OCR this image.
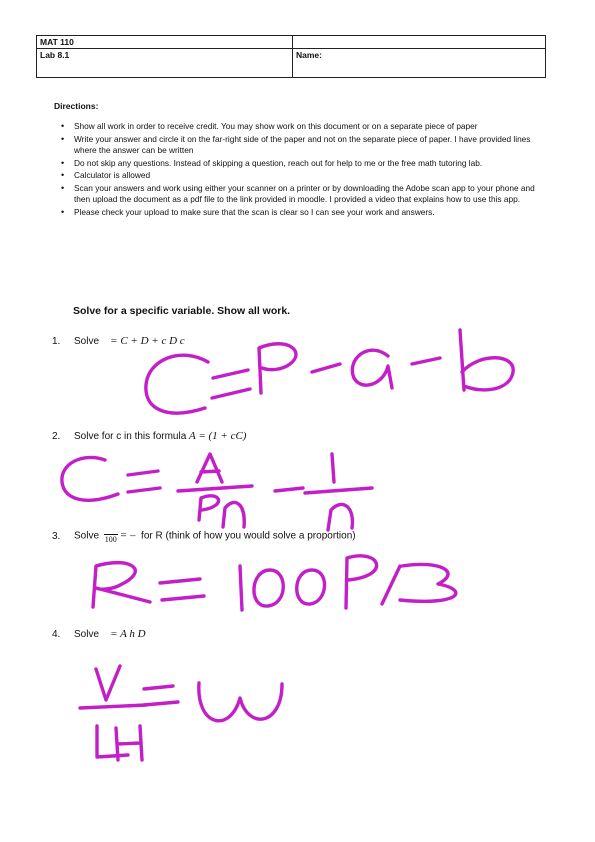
MAT 110	
Lab 8.1	Name:
Directions:
• Show all work in order to receive credit. You may show work on this document or on a separate piece of paper
• Write your answer and circle it on the far-right side of the paper and not on the separate piece of paper. I have provided lines where the answer can be written
• Do not skip any questions. Instead of skipping a question, reach out for help to me or the free math tutoring lab.
• Calculator is allowed
• Scan your answers and work using either your scanner on a printer or by downloading the Adobe scan app to your phone and then upload the document as a pdf file to the link provided in moodle. I provided a video that explains how to use this app.
• Please check your upload to make sure that the scan is clear so I can see your work and answers.
Solve for a specific variable. Show all work.
1. Solve = C + D + c D c
2. Solve for c in this formula A = (1 + cC)
3. Solve 100 = – for R (think of how you would solve a proportion)
4. Solve = A h D
